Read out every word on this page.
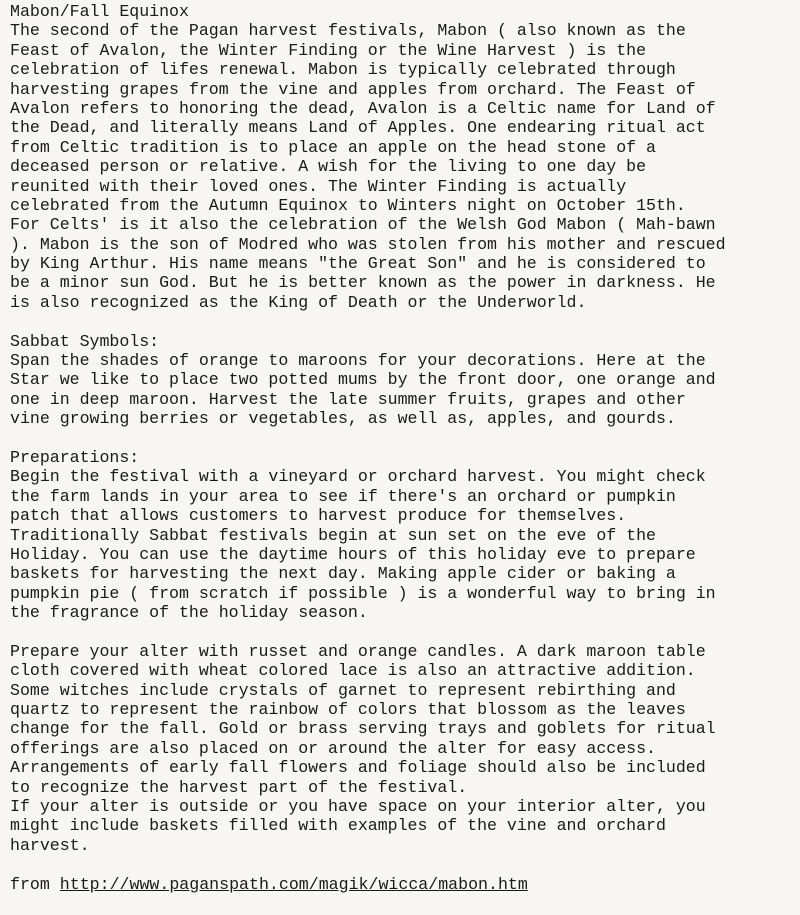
Mabon/Fall Equinox
The second of the Pagan harvest festivals, Mabon ( also known as the
Feast of Avalon, the Winter Finding or the Wine Harvest ) is the
celebration of lifes renewal. Mabon is typically celebrated through
harvesting grapes from the vine and apples from orchard. The Feast of
Avalon refers to honoring the dead, Avalon is a Celtic name for Land of
the Dead, and literally means Land of Apples. One endearing ritual act
from Celtic tradition is to place an apple on the head stone of a
deceased person or relative. A wish for the living to one day be
reunited with their loved ones. The Winter Finding is actually
celebrated from the Autumn Equinox to Winters night on October 15th.
For Celts' is it also the celebration of the Welsh God Mabon ( Mah-bawn
). Mabon is the son of Modred who was stolen from his mother and rescued
by King Arthur. His name means "the Great Son" and he is considered to
be a minor sun God. But he is better known as the power in darkness. He
is also recognized as the King of Death or the Underworld.
Sabbat Symbols:
Span the shades of orange to maroons for your decorations. Here at the
Star we like to place two potted mums by the front door, one orange and
one in deep maroon. Harvest the late summer fruits, grapes and other
vine growing berries or vegetables, as well as, apples, and gourds.
Preparations:
Begin the festival with a vineyard or orchard harvest. You might check
the farm lands in your area to see if there's an orchard or pumpkin
patch that allows customers to harvest produce for themselves.
Traditionally Sabbat festivals begin at sun set on the eve of the
Holiday. You can use the daytime hours of this holiday eve to prepare
baskets for harvesting the next day. Making apple cider or baking a
pumpkin pie ( from scratch if possible ) is a wonderful way to bring in
the fragrance of the holiday season.
Prepare your alter with russet and orange candles. A dark maroon table
cloth covered with wheat colored lace is also an attractive addition.
Some witches include crystals of garnet to represent rebirthing and
quartz to represent the rainbow of colors that blossom as the leaves
change for the fall. Gold or brass serving trays and goblets for ritual
offerings are also placed on or around the alter for easy access.
Arrangements of early fall flowers and foliage should also be included
to recognize the harvest part of the festival.
If your alter is outside or you have space on your interior alter, you
might include baskets filled with examples of the vine and orchard
harvest.
from http://www.paganspath.com/magik/wicca/mabon.htm
